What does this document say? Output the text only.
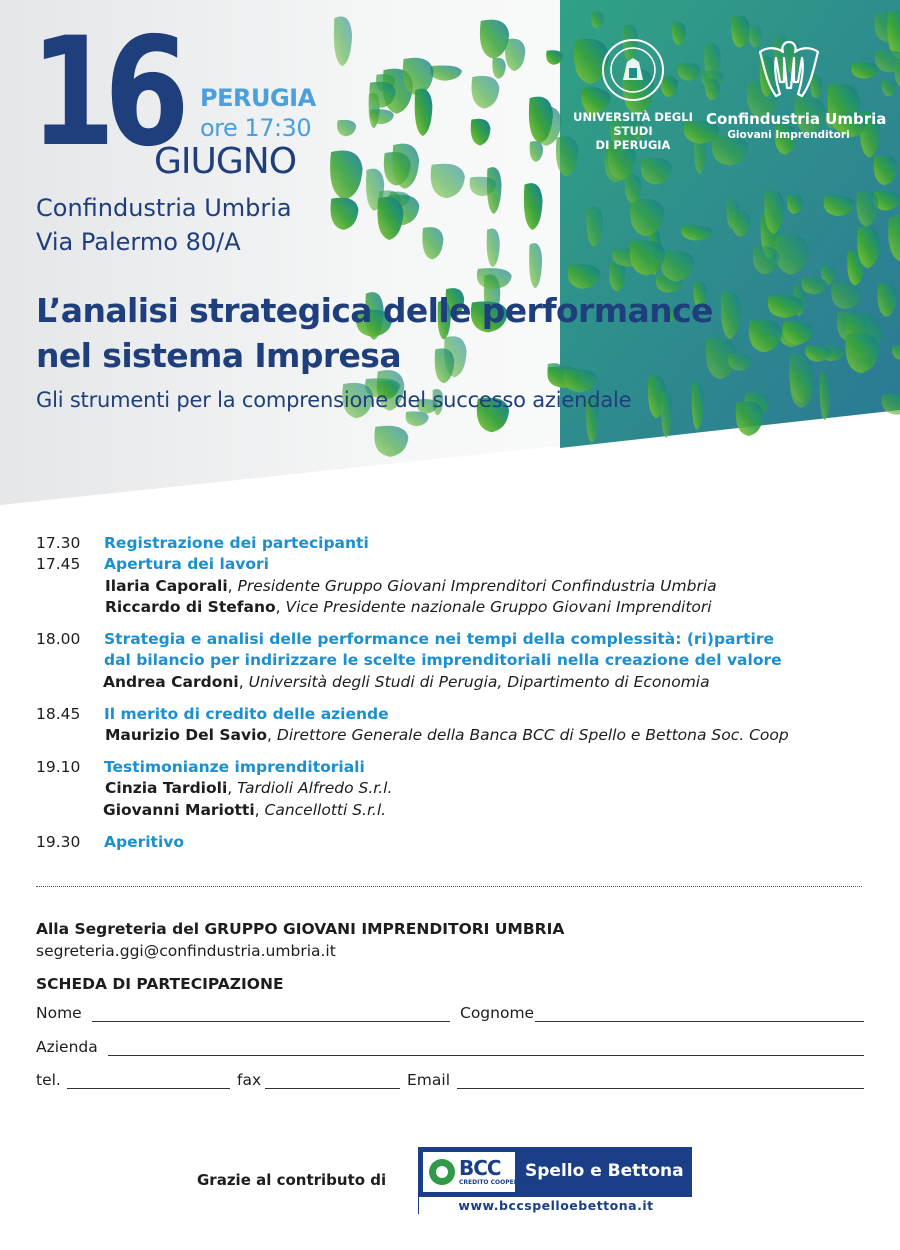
16 PERUGIA
ore 17:30
GIUGNO
Confindustria Umbria
Via Palermo 80/A
L’analisi strategica delle performance
nel sistema Impresa
Gli strumenti per la comprensione del successo aziendale
UNIVERSITÀ DEGLI STUDI
DI PERUGIA
Confindustria Umbria
Giovani Imprenditori
17.30	Registrazione dei partecipanti
17.45	Apertura dei lavori
Ilaria Caporali, Presidente Gruppo Giovani Imprenditori Confindustria Umbria
Riccardo di Stefano, Vice Presidente nazionale Gruppo Giovani Imprenditori
18.00	Strategia e analisi delle performance nei tempi della complessità: (ri)partire
dal bilancio per indirizzare le scelte imprenditoriali nella creazione del valore
Andrea Cardoni, Università degli Studi di Perugia, Dipartimento di Economia
18.45	Il merito di credito delle aziende
Maurizio Del Savio, Direttore Generale della Banca BCC di Spello e Bettona Soc. Coop
19.10	Testimonianze imprenditoriali
Cinzia Tardioli, Tardioli Alfredo S.r.l.
Giovanni Mariotti, Cancellotti S.r.l.
19.30	Aperitivo
Alla Segreteria del GRUPPO GIOVANI IMPRENDITORI UMBRIA
segreteria.ggi@confindustria.umbria.it
SCHEDA DI PARTECIPAZIONE
Nome	Cognome
Azienda
tel.	fax	Email
Grazie al contributo di	BCC
CREDITO COOPERATIVO
Spello e Bettona
www.bccspelloebettona.it
